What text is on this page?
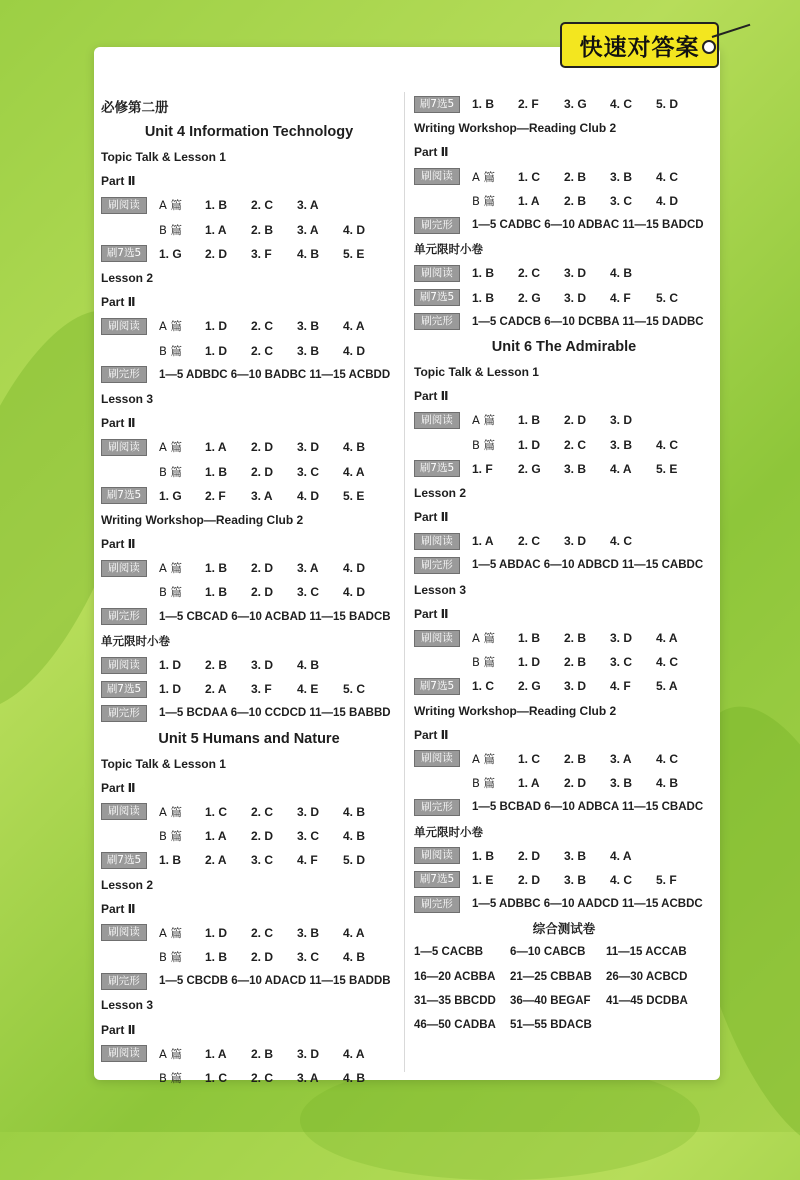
快速对答案
必修第二册
Unit 4 Information Technology
Topic Talk & Lesson 1
Part Ⅱ
刷阅读	A 篇	1. B	2. C	3. A
B 篇	1. A	2. B	3. A	4. D
刷7选5	1. G	2. D	3. F	4. B	5. E
Lesson 2
Part Ⅱ
刷阅读	A 篇	1. D	2. C	3. B	4. A
B 篇	1. D	2. C	3. B	4. D
刷完形	1—5 ADBDC 6—10 BADBC 11—15 ACBDD
Lesson 3
Part Ⅱ
刷阅读	A 篇	1. A	2. D	3. D	4. B
B 篇	1. B	2. D	3. C	4. A
刷7选5	1. G	2. F	3. A	4. D	5. E
Writing Workshop—Reading Club 2
Part Ⅱ
刷阅读	A 篇	1. B	2. D	3. A	4. D
B 篇	1. B	2. D	3. C	4. D
刷完形	1—5 CBCAD 6—10 ACBAD 11—15 BADCB
单元限时小卷
刷阅读	1. D	2. B	3. D	4. B
刷7选5	1. D	2. A	3. F	4. E	5. C
刷完形	1—5 BCDAA 6—10 CCDCD 11—15 BABBD
Unit 5 Humans and Nature
Topic Talk & Lesson 1
Part Ⅱ
刷阅读	A 篇	1. C	2. C	3. D	4. B
B 篇	1. A	2. D	3. C	4. B
刷7选5	1. B	2. A	3. C	4. F	5. D
Lesson 2
Part Ⅱ
刷阅读	A 篇	1. D	2. C	3. B	4. A
B 篇	1. B	2. D	3. C	4. B
刷完形	1—5 CBCDB 6—10 ADACD 11—15 BADDB
Lesson 3
Part Ⅱ
刷阅读	A 篇	1. A	2. B	3. D	4. A
B 篇	1. C	2. C	3. A	4. B
刷7选5	1. B	2. F	3. G	4. C	5. D
Writing Workshop—Reading Club 2
Part Ⅱ
刷阅读	A 篇	1. C	2. B	3. B	4. C
B 篇	1. A	2. B	3. C	4. D
刷完形	1—5 CADBC 6—10 ADBAC 11—15 BADCD
单元限时小卷
刷阅读	1. B	2. C	3. D	4. B
刷7选5	1. B	2. G	3. D	4. F	5. C
刷完形	1—5 CADCB 6—10 DCBBA 11—15 DADBC
Unit 6 The Admirable
Topic Talk & Lesson 1
Part Ⅱ
刷阅读	A 篇	1. B	2. D	3. D
B 篇	1. D	2. C	3. B	4. C
刷7选5	1. F	2. G	3. B	4. A	5. E
Lesson 2
Part Ⅱ
刷阅读	1. A	2. C	3. D	4. C
刷完形	1—5 ABDAC 6—10 ADBCD 11—15 CABDC
Lesson 3
Part Ⅱ
刷阅读	A 篇	1. B	2. B	3. D	4. A
B 篇	1. D	2. B	3. C	4. C
刷7选5	1. C	2. G	3. D	4. F	5. A
Writing Workshop—Reading Club 2
Part Ⅱ
刷阅读	A 篇	1. C	2. B	3. A	4. C
B 篇	1. A	2. D	3. B	4. B
刷完形	1—5 BCBAD 6—10 ADBCA 11—15 CBADC
单元限时小卷
刷阅读	1. B	2. D	3. B	4. A
刷7选5	1. E	2. D	3. B	4. C	5. F
刷完形	1—5 ADBBC 6—10 AADCD 11—15 ACBDC
综合测试卷
1—5 CACBB	6—10 CABCB	11—15 ACCAB
16—20 ACBBA	21—25 CBBAB	26—30 ACBCD
31—35 BBCDD	36—40 BEGAF	41—45 DCDBA
46—50 CADBA	51—55 BDACB
